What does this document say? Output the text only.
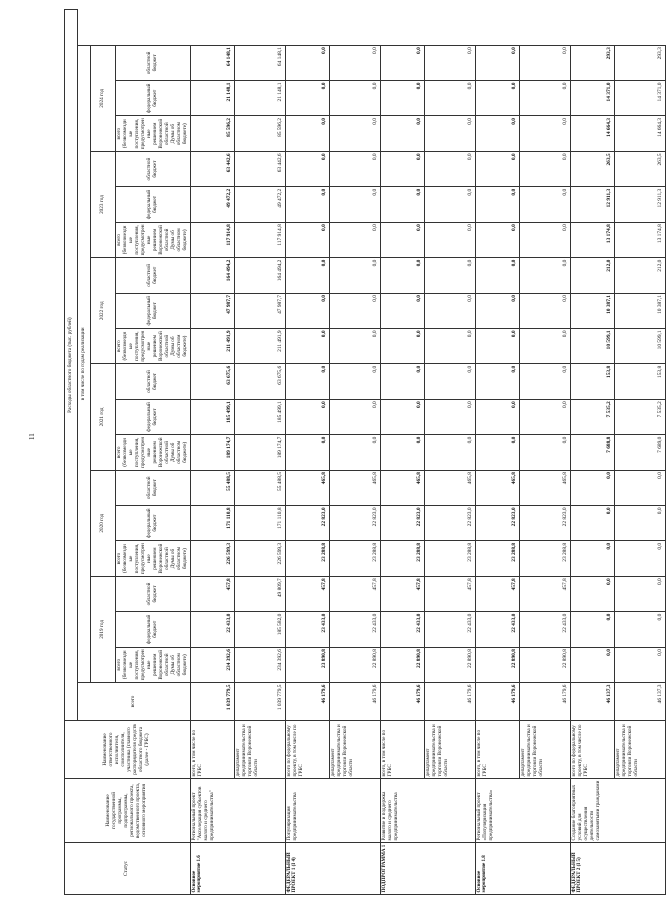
11
Статус	Наименование государственной программы, подпрограммы, регионального проекта, ведомственного проекта, основного мероприятия	Наименование ответственного исполнителя, соисполнителя, участника (главного распорядителя средств областного бюджета (далее - ГРБС)	Расходы областного бюджета (тыс. рублей)																		
			всего	в том числе по годам реализации																	
				2019 год			2020 год			2021 год			2022 год			2023 год			2024 год		
				всего (безвозмездные поступления, предусмотренные решением Воронежской областной Думы об областном бюджете)	федеральный бюджет	областной бюджет	всего (безвозмездные поступления, предусмотренные решением Воронежской областной Думы об областном бюджете)	федеральный бюджет	областной бюджет	всего (безвозмездные поступления, предусмотренные решением Воронежской областной Думы об областном бюджете)	федеральный бюджет	областной бюджет	всего (безвозмездные поступления, предусмотренные решением Воронежской областной Думы об областном бюджете)	федеральный бюджет	областной бюджет	всего (безвозмездные поступления, предусмотренные решением Воронежской областной Думы об областном бюджете)	федеральный бюджет	областной бюджет	всего (безвозмездные поступления, предусмотренные решением Воронежской областной Думы об областном бюджете)	федеральный бюджет	областной бюджет
Основное мероприятие 1.6	Региональный проект "Акселерация субъектов малого и среднего предпринимательства"	всего, в том числе по ГРБС	1 039 779,5	234 392,6	22 433,0	457,8	226 599,3	171 110,8	55 488,5	189 174,7	185 499,1	63 675,6	211 491,9	47 987,7	164 494,2	117 914,8	49 472,2	63 442,6	85 596,2	21 148,1	64 148,1
		департамент предпринимательства и торговли Воронежской области	1 039 779,5	234 392,6	185 582,0	49 809,7	226 599,3	171 110,8	55 488,5	189 174,7	185 499,1	63 675,6	211 491,9	47 987,7	164 494,2	117 914,8	49 472,2	63 442,6	85 596,2	21 148,1	64 148,1
ФЕДЕРАЛЬНЫЙ ПРОЕКТ 1 (I 4)	Популяризация предпринимательства	всего по федеральному проекту, в том числе по ГРБС	46 179,6	23 890,8	23 433,0	457,8	23 288,8	22 823,0	465,8	0,0	0,0	0,0	0,0	0,0	0,0	0,0	0,0	0,0	0,0	0,0	0,0
		департамент предпринимательства и торговли Воронежской области	46 179,6	22 890,8	22 433,0	457,8	23 288,8	22 823,0	465,8	0,0	0,0	0,0	0,0	0,0	0,0	0,0	0,0	0,0	0,0	0,0	0,0
ПОДПРОГРАММА 1	Развитие и поддержка малого и среднего предпринимательства	всего, в том числе по ГРБС	46 179,6	22 890,8	22 433,0	457,8	23 288,8	22 823,0	465,8	0,0	0,0	0,0	0,0	0,0	0,0	0,0	0,0	0,0	0,0	0,0	0,0
		департамент предпринимательства и торговли Воронежской области	46 179,6	22 890,8	22 433,0	457,8	23 288,8	22 823,0	465,8	0,0	0,0	0,0	0,0	0,0	0,0	0,0	0,0	0,0	0,0	0,0	0,0
Основное мероприятие 1.8	Региональный проект «Популяризация предпринимательства»	всего, в том числе по ГРБС	46 179,6	22 890,8	22 433,0	457,8	23 288,8	22 823,0	465,8	0,0	0,0	0,0	0,0	0,0	0,0	0,0	0,0	0,0	0,0	0,0	0,0
		департамент предпринимательства и торговли Воронежской области	46 179,6	22 890,8	22 433,0	457,8	23 288,8	22 823,0	465,8	0,0	0,0	0,0	0,0	0,0	0,0	0,0	0,0	0,0	0,0	0,0	0,0
ФЕДЕРАЛЬНЫЙ ПРОЕКТ 2 (I 5)	Создание благоприятных условий для осуществления деятельности самозанятыми гражданами	всего по федеральному проекту, в том числе по ГРБС	46 137,3	0,0	0,0	0,0	0,0	0,0	0,0	7 688,8	7 535,2	153,8	10 599,1	10 387,1	212,0	13 174,8	12 911,3	263,5	14 664,3	14 371,0	293,3
		департамент предпринимательства и торговли Воронежской области	46 137,3	0,0	0,0	0,0	0,0	0,0	0,0	7 689,0	7 535,2	153,8	10 599,1	10 387,1	212,0	13 174,8	12 911,3	263,5	14 664,3	14 371,0	293,3
